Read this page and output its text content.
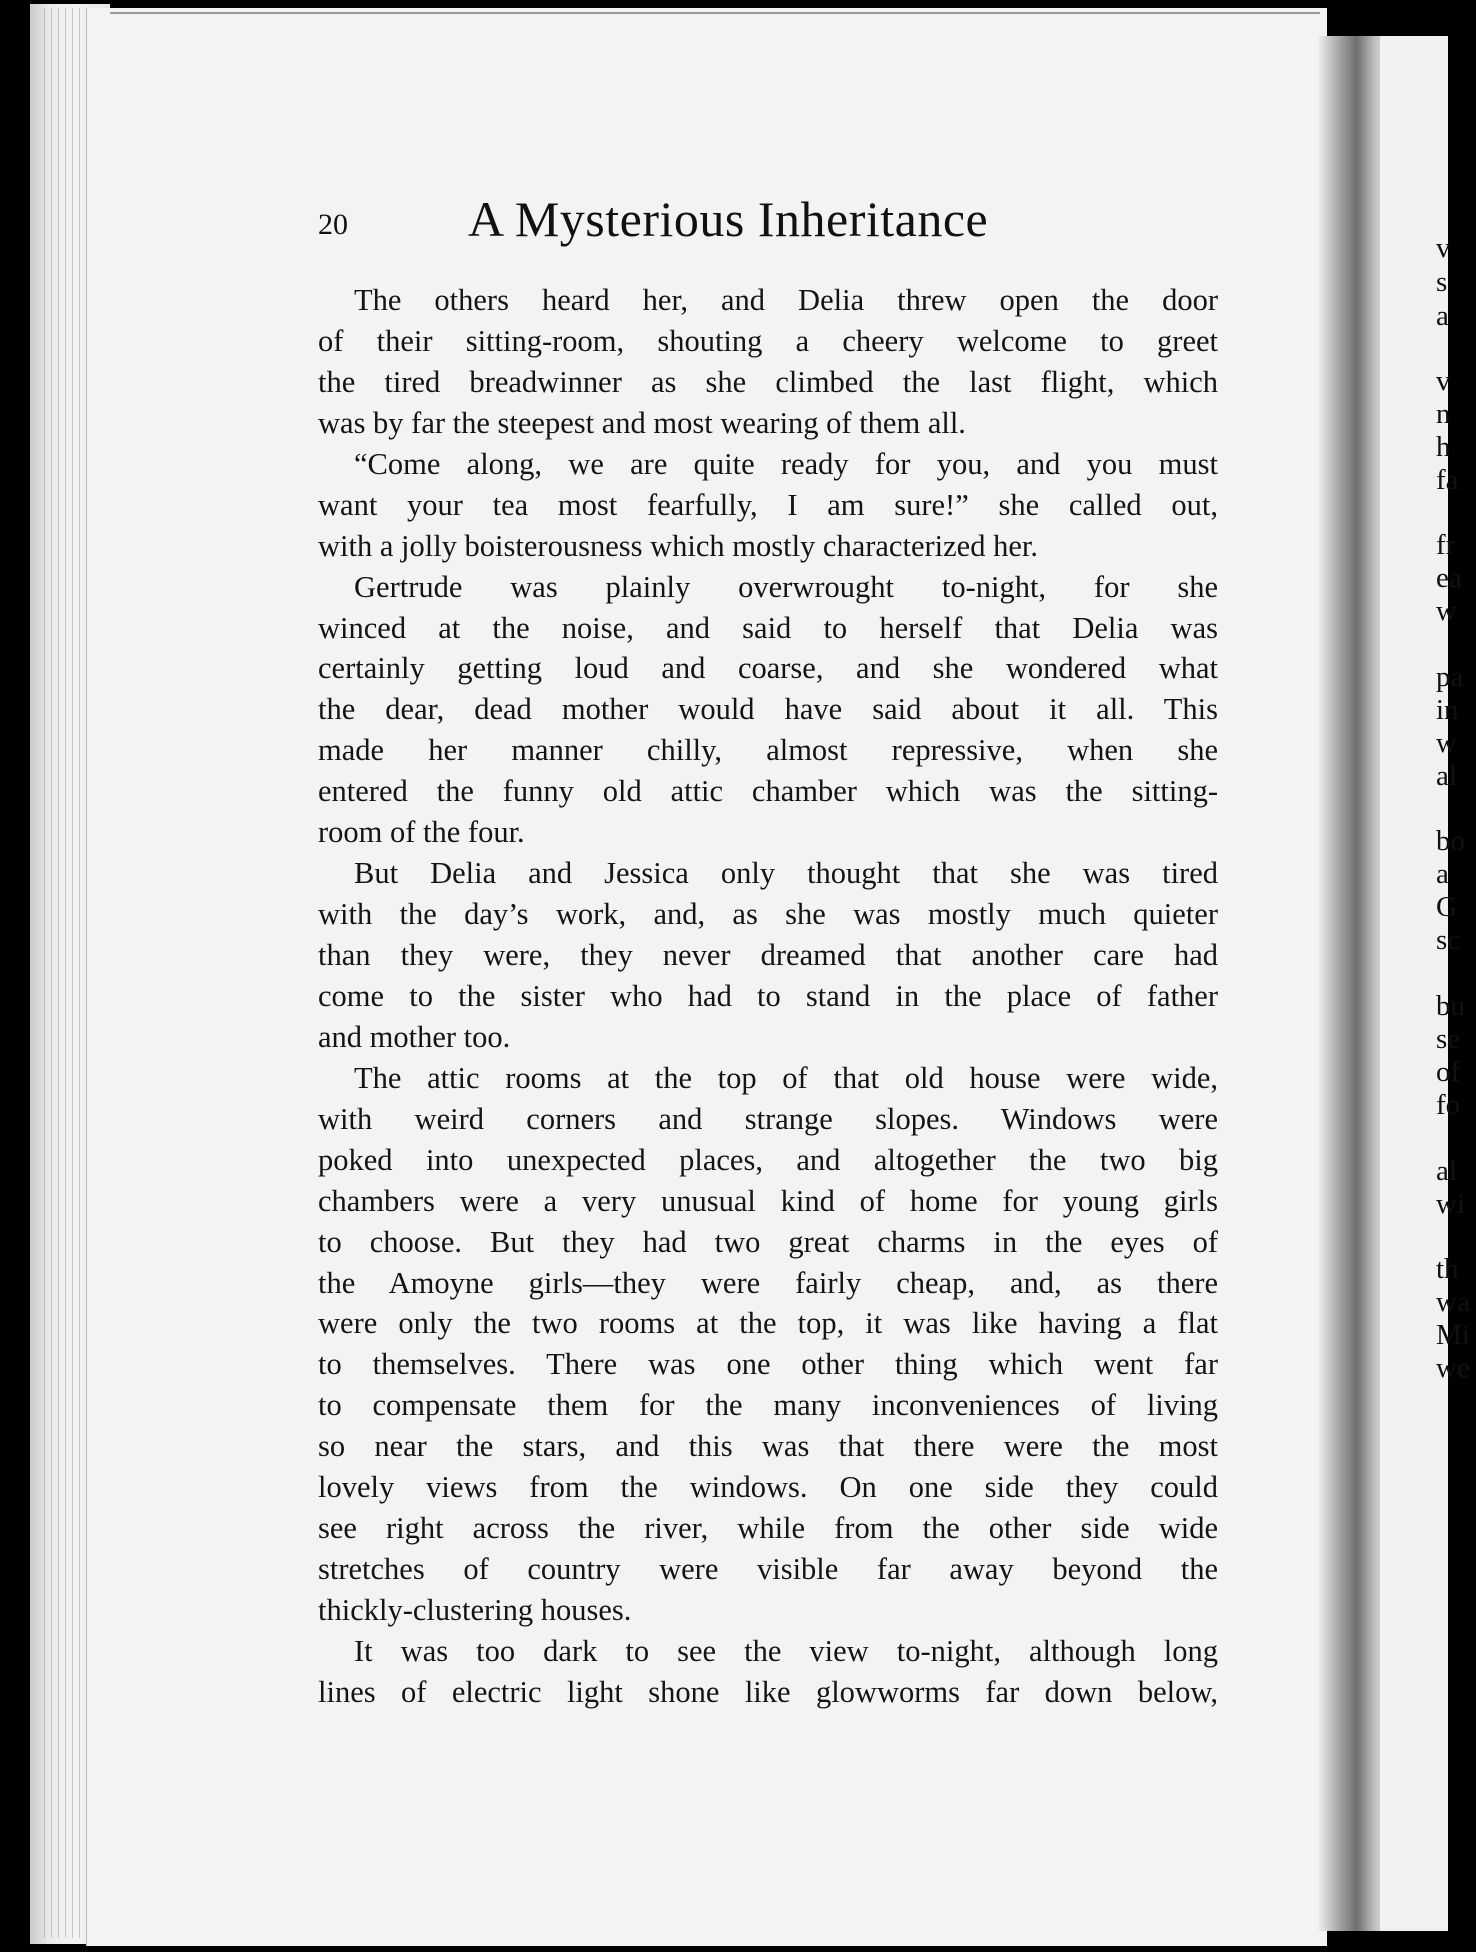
v
s
a
v
n
h
fa
fr
ea
w
pa
in
w
al
bo
a
G
sc
bu
se
of
fo
al
wi
th
wa
Mi
we
20 A Mysterious Inheritance
The others heard her, and Delia threw open the door
of their sitting-room, shouting a cheery welcome to greet
the tired breadwinner as she climbed the last flight, which
was by far the steepest and most wearing of them all.
“Come along, we are quite ready for you, and you must
want your tea most fearfully, I am sure!” she called out,
with a jolly boisterousness which mostly characterized her.
Gertrude was plainly overwrought to-night, for she
winced at the noise, and said to herself that Delia was
certainly getting loud and coarse, and she wondered what
the dear, dead mother would have said about it all. This
made her manner chilly, almost repressive, when she
entered the funny old attic chamber which was the sitting-
room of the four.
But Delia and Jessica only thought that she was tired
with the day’s work, and, as she was mostly much quieter
than they were, they never dreamed that another care had
come to the sister who had to stand in the place of father
and mother too.
The attic rooms at the top of that old house were wide,
with weird corners and strange slopes. Windows were
poked into unexpected places, and altogether the two big
chambers were a very unusual kind of home for young girls
to choose. But they had two great charms in the eyes of
the Amoyne girls—they were fairly cheap, and, as there
were only the two rooms at the top, it was like having a flat
to themselves. There was one other thing which went far
to compensate them for the many inconveniences of living
so near the stars, and this was that there were the most
lovely views from the windows. On one side they could
see right across the river, while from the other side wide
stretches of country were visible far away beyond the
thickly-clustering houses.
It was too dark to see the view to-night, although long
lines of electric light shone like glowworms far down below,
